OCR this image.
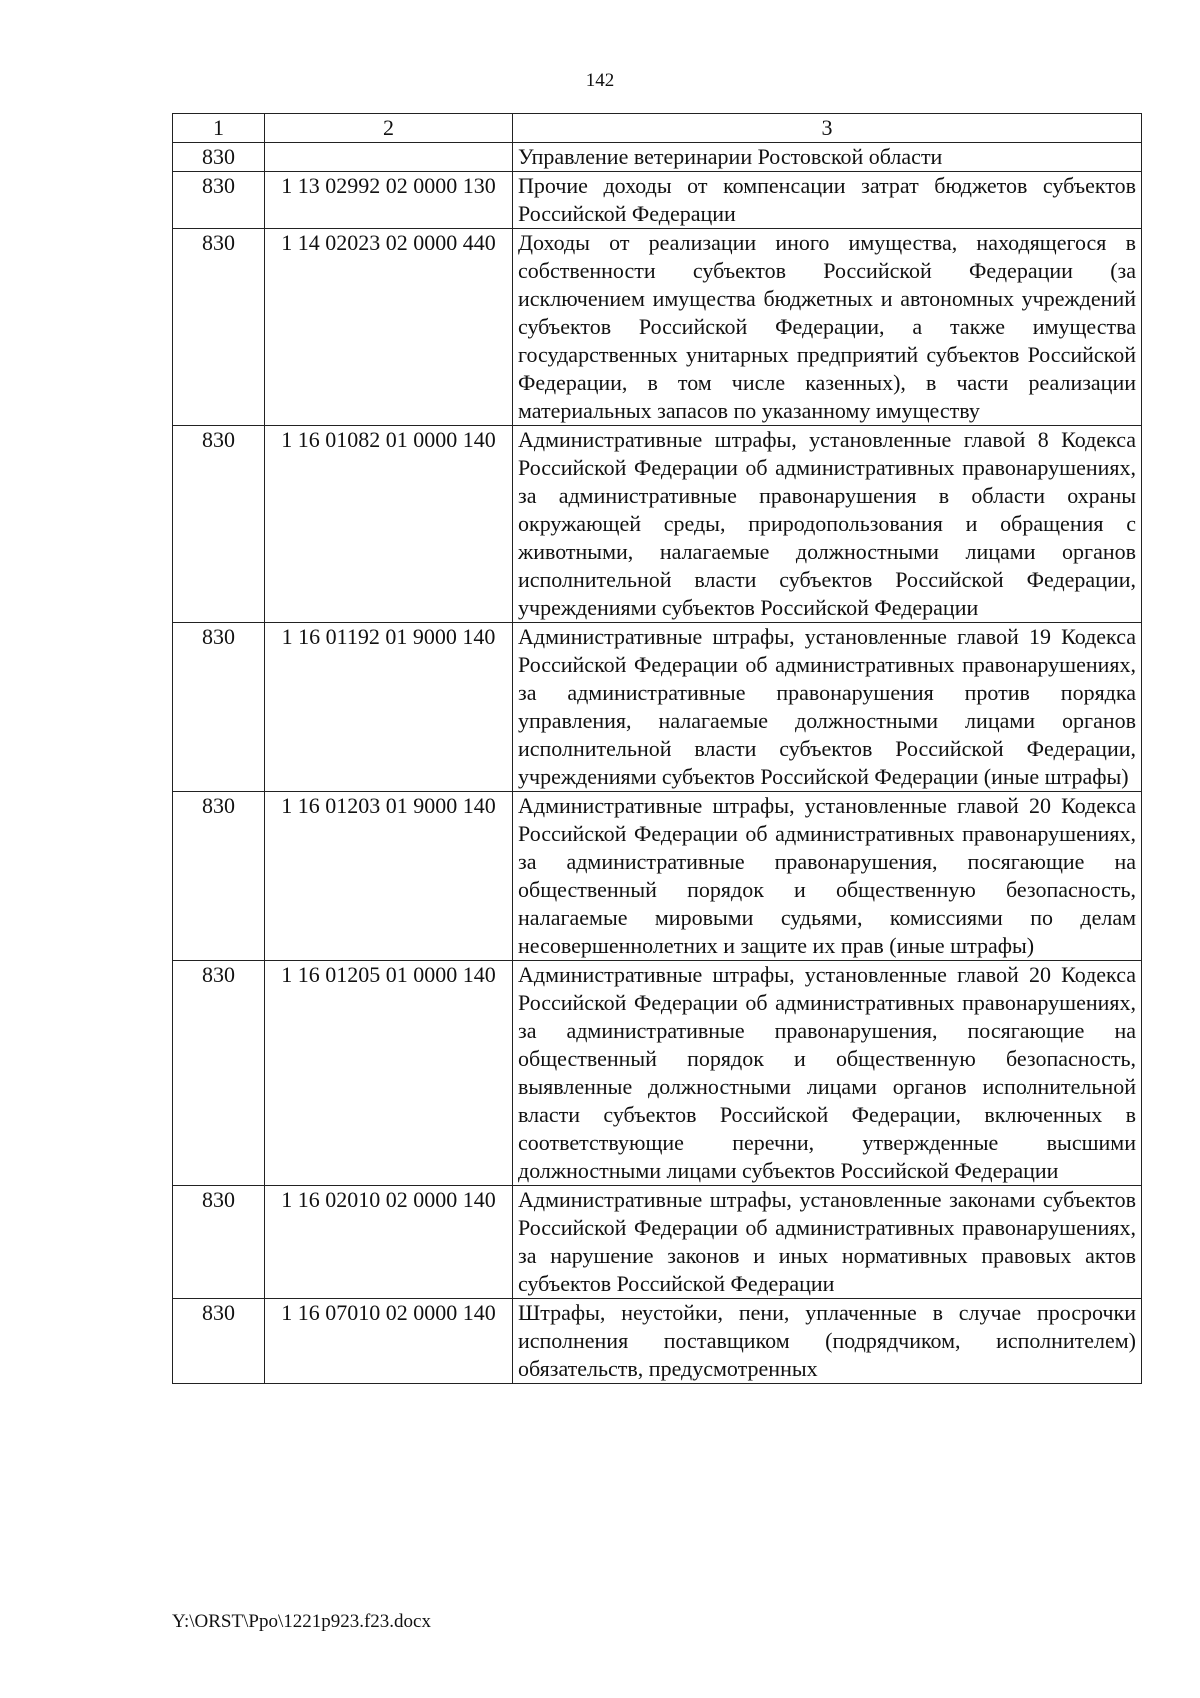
142
1	2	3
830		Управление ветеринарии Ростовской области
830	1 13 02992 02 0000 130	Прочие доходы от компенсации затрат бюджетов субъектов Российской Федерации
830	1 14 02023 02 0000 440	Доходы от реализации иного имущества, находящегося в собственности субъектов Российской Федерации (за исключением имущества бюджетных и автономных учреждений субъектов Российской Федерации, а также имущества государственных унитарных предприятий субъектов Российской Федерации, в том числе казенных), в части реализации материальных запасов по указанному имуществу
830	1 16 01082 01 0000 140	Административные штрафы, установленные главой 8 Кодекса Российской Федерации об административных правонарушениях, за административные правонарушения в области охраны окружающей среды, природопользования и обращения с животными, налагаемые должностными лицами органов исполнительной власти субъектов Российской Федерации, учреждениями субъектов Российской Федерации
830	1 16 01192 01 9000 140	Административные штрафы, установленные главой 19 Кодекса Российской Федерации об административных правонарушениях, за административные правонарушения против порядка управления, налагаемые должностными лицами органов исполнительной власти субъектов Российской Федерации, учреждениями субъектов Российской Федерации (иные штрафы)
830	1 16 01203 01 9000 140	Административные штрафы, установленные главой 20 Кодекса Российской Федерации об административных правонарушениях, за административные правонарушения, посягающие на общественный порядок и общественную безопасность, налагаемые мировыми судьями, комиссиями по делам несовершеннолетних и защите их прав (иные штрафы)
830	1 16 01205 01 0000 140	Административные штрафы, установленные главой 20 Кодекса Российской Федерации об административных правонарушениях, за административные правонарушения, посягающие на общественный порядок и общественную безопасность, выявленные должностными лицами органов исполнительной власти субъектов Российской Федерации, включенных в соответствующие перечни, утвержденные высшими должностными лицами субъектов Российской Федерации
830	1 16 02010 02 0000 140	Административные штрафы, установленные законами субъектов Российской Федерации об административных правонарушениях, за нарушение законов и иных нормативных правовых актов субъектов Российской Федерации
830	1 16 07010 02 0000 140	Штрафы, неустойки, пени, уплаченные в случае просрочки исполнения поставщиком (подрядчиком, исполнителем) обязательств, предусмотренных
Y:\ORST\Ppo\1221p923.f23.docx
